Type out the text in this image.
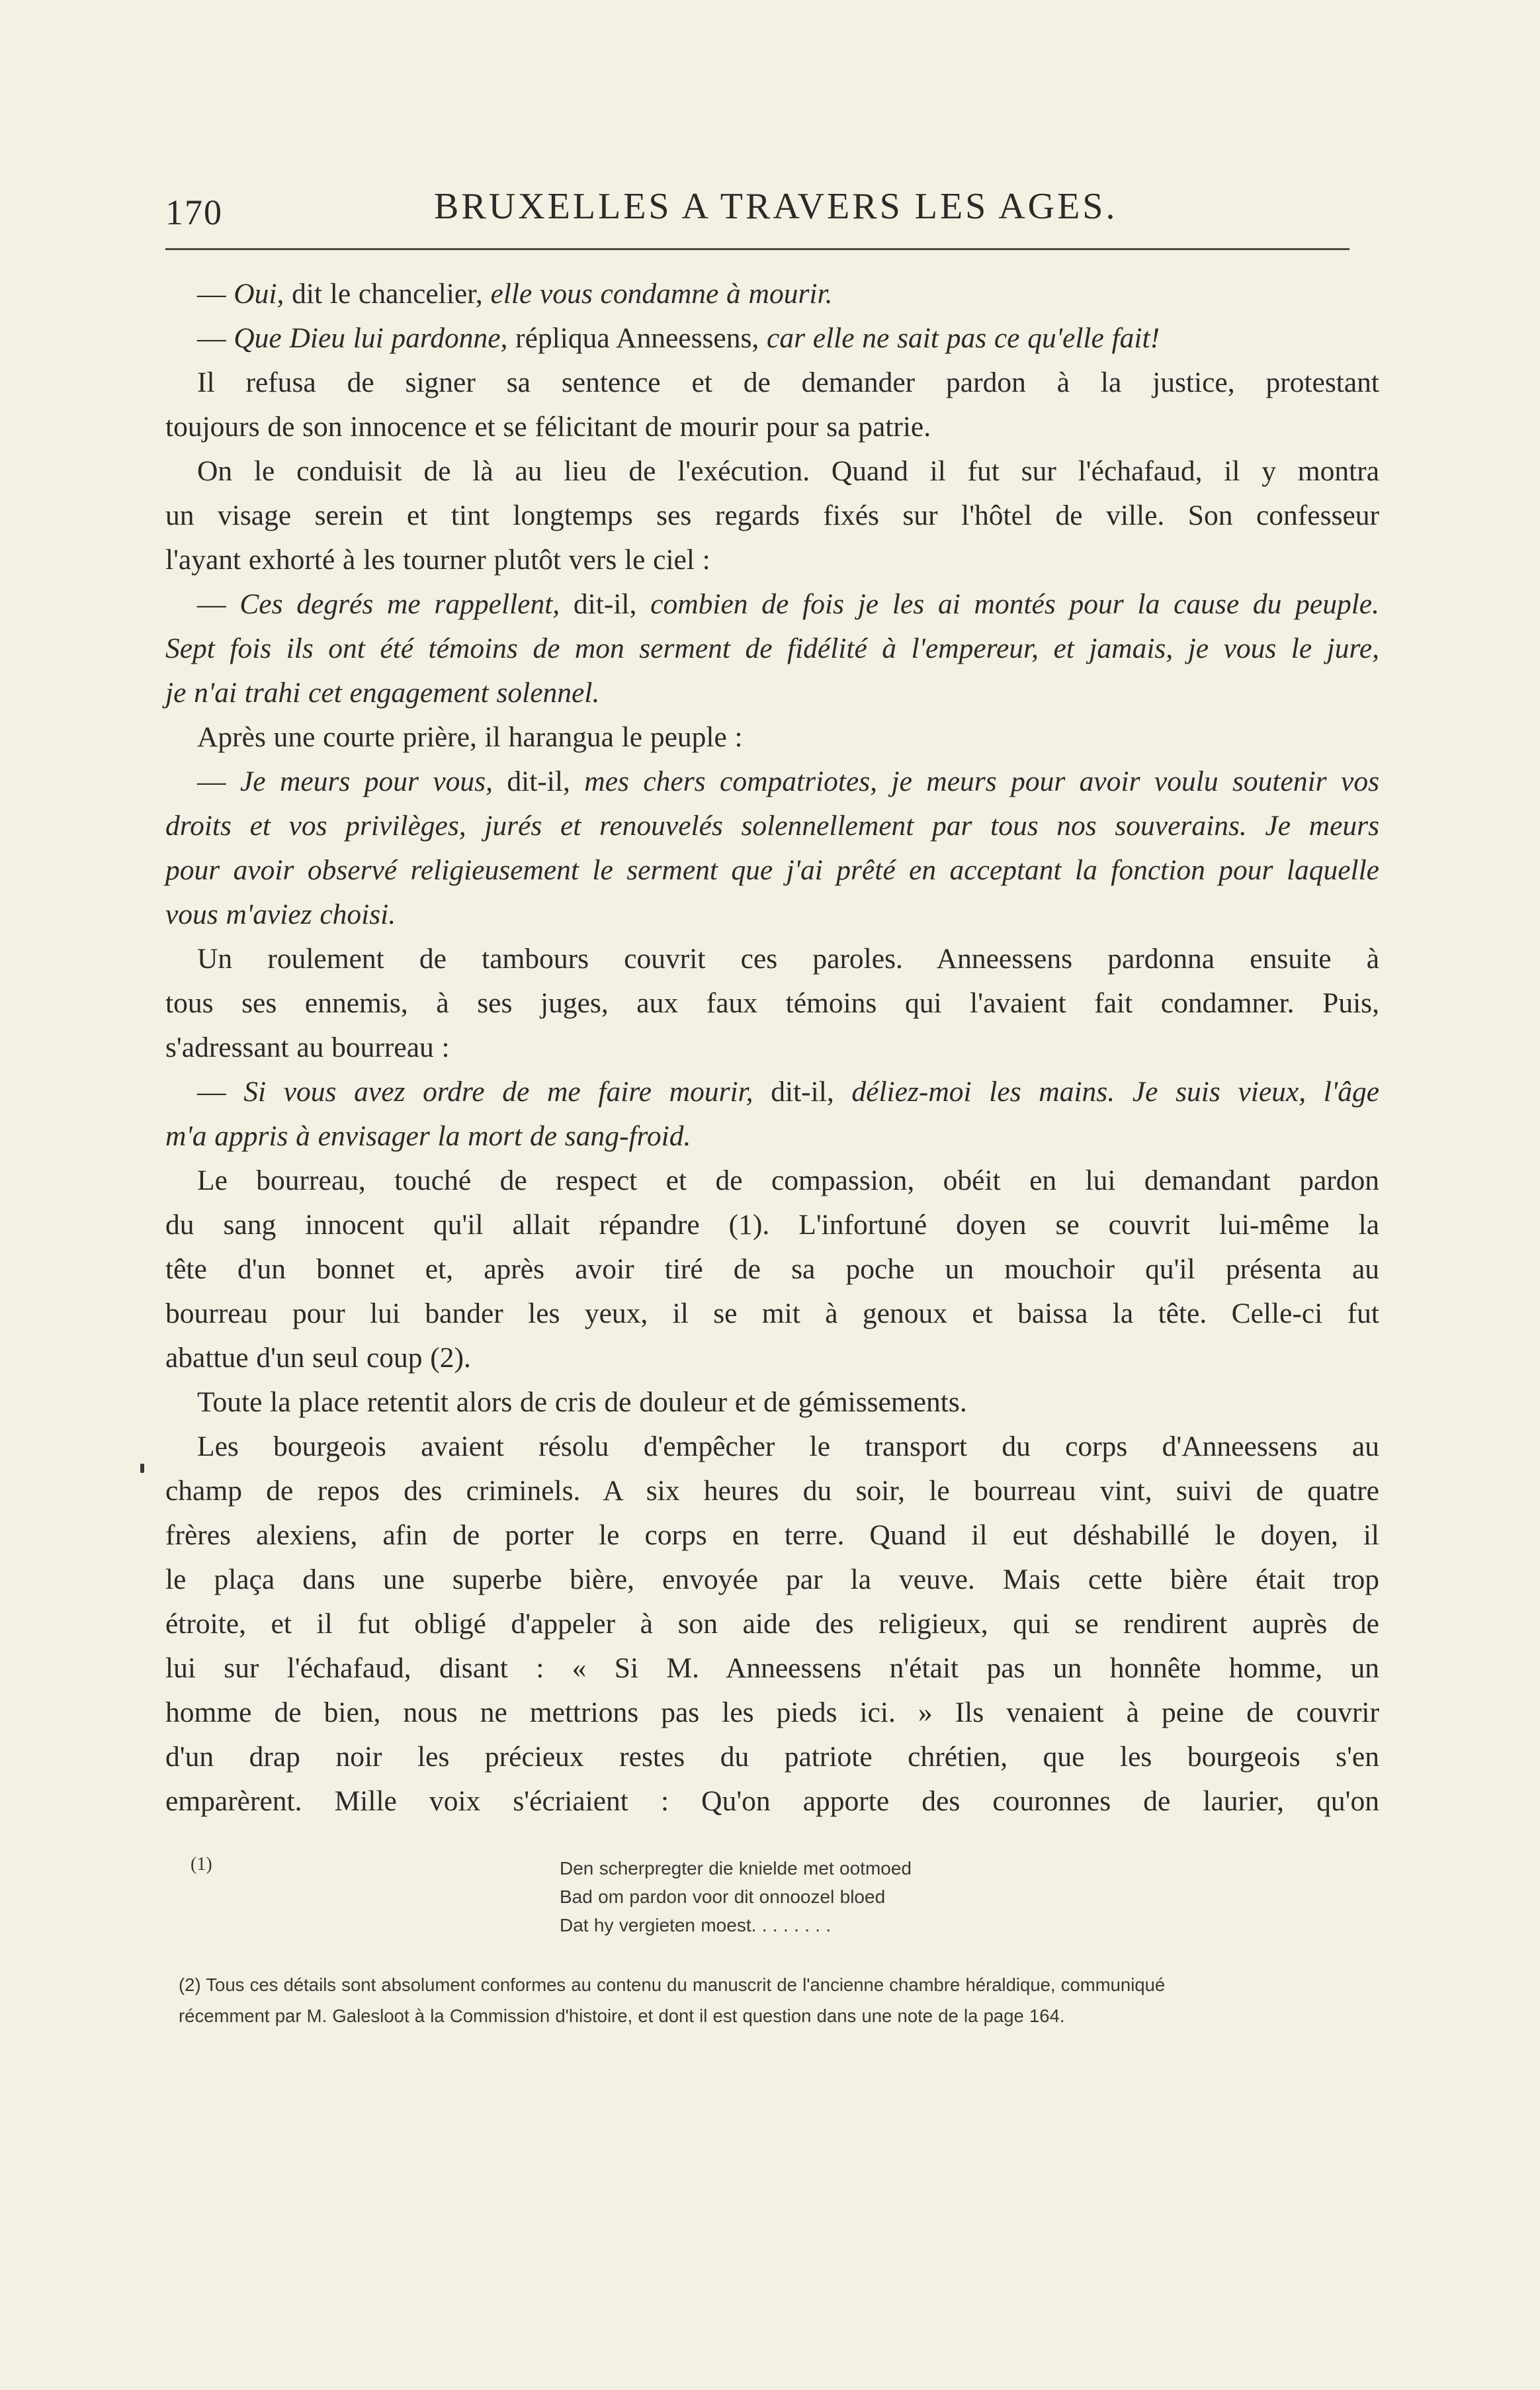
170	BRUXELLES A TRAVERS LES AGES.
— Oui, dit le chancelier, elle vous condamne à mourir.
— Que Dieu lui pardonne, répliqua Anneessens, car elle ne sait pas ce qu'elle fait!
Il refusa de signer sa sentence et de demander pardon à la justice, protestant
toujours de son innocence et se félicitant de mourir pour sa patrie.
On le conduisit de là au lieu de l'exécution. Quand il fut sur l'échafaud, il y montra
un visage serein et tint longtemps ses regards fixés sur l'hôtel de ville. Son confesseur
l'ayant exhorté à les tourner plutôt vers le ciel :
— Ces degrés me rappellent, dit-il, combien de fois je les ai montés pour la cause du peuple.
Sept fois ils ont été témoins de mon serment de fidélité à l'empereur, et jamais, je vous le jure,
je n'ai trahi cet engagement solennel.
Après une courte prière, il harangua le peuple :
— Je meurs pour vous, dit-il, mes chers compatriotes, je meurs pour avoir voulu soutenir vos
droits et vos privilèges, jurés et renouvelés solennellement par tous nos souverains. Je meurs
pour avoir observé religieusement le serment que j'ai prêté en acceptant la fonction pour laquelle
vous m'aviez choisi.
Un roulement de tambours couvrit ces paroles. Anneessens pardonna ensuite à
tous ses ennemis, à ses juges, aux faux témoins qui l'avaient fait condamner. Puis,
s'adressant au bourreau :
— Si vous avez ordre de me faire mourir, dit-il, déliez-moi les mains. Je suis vieux, l'âge
m'a appris à envisager la mort de sang-froid.
Le bourreau, touché de respect et de compassion, obéit en lui demandant pardon
du sang innocent qu'il allait répandre (1). L'infortuné doyen se couvrit lui-même la
tête d'un bonnet et, après avoir tiré de sa poche un mouchoir qu'il présenta au
bourreau pour lui bander les yeux, il se mit à genoux et baissa la tête. Celle-ci fut
abattue d'un seul coup (2).
Toute la place retentit alors de cris de douleur et de gémissements.
Les bourgeois avaient résolu d'empêcher le transport du corps d'Anneessens au
champ de repos des criminels. A six heures du soir, le bourreau vint, suivi de quatre
frères alexiens, afin de porter le corps en terre. Quand il eut déshabillé le doyen, il
le plaça dans une superbe bière, envoyée par la veuve. Mais cette bière était trop
étroite, et il fut obligé d'appeler à son aide des religieux, qui se rendirent auprès de
lui sur l'échafaud, disant : « Si M. Anneessens n'était pas un honnête homme, un
homme de bien, nous ne mettrions pas les pieds ici. » Ils venaient à peine de couvrir
d'un drap noir les précieux restes du patriote chrétien, que les bourgeois s'en
emparèrent. Mille voix s'écriaient : Qu'on apporte des couronnes de laurier, qu'on
(1)	Den scherpregter die knielde met ootmoed
Bad om pardon voor dit onnoozel bloed
Dat hy vergieten moest. . . . . . . .
(2) Tous ces détails sont absolument conformes au contenu du manuscrit de l'ancienne chambre héraldique, communiqué
récemment par M. Galesloot à la Commission d'histoire, et dont il est question dans une note de la page 164.
